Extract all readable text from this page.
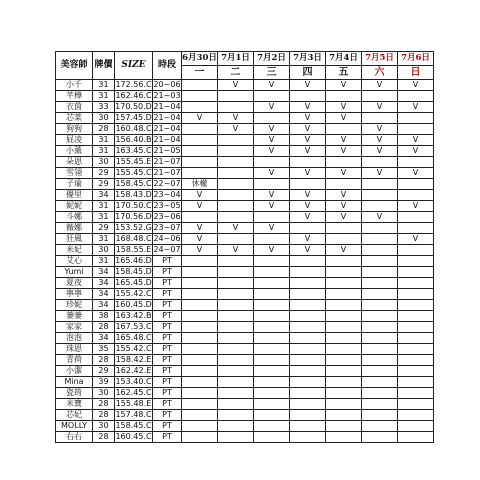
美容師	牌價	SIZE	時段	6月30日	7月1日	7月2日	7月3日	7月4日	7月5日	7月6日
				一	二	三	四	五	六	日
小千	31	172.56.C	20~06		V	V	V	V	V	V
芊樺	31	162.46.C	21~03							
衣茵	33	170.50.D	21~04			V	V	V	V	V
芯菜	30	157.45.D	21~04	V	V		V	V		
狗狗	28	160.48.C	21~04		V	V	V		V	
屁凌	31	156.40.B	21~04			V	V	V	V	V
小薰	31	163.45.C	21~05			V	V	V	V	V
朵恩	30	155.45.E	21~07							
雪翎	29	155.45.C	21~07			V	V	V	V	V
子瑜	29	158.45.C	22~07	休權						
優里	34	158.43.D	23~04	V		V	V	V		
妮妮	31	170.50.C	23~05	V		V	V	V		V
斗娜	31	170.56.D	23~06				V	V	V	
薇娜	29	153.52.G	23~07	V	V	V				
狂風	31	168.48.C	24~06	V			V			V
米妃	30	158.55.E	24~07	V	V	V	V	V		
艾心	31	165.46.D	PT							
Yumi	34	158.45.D	PT							
夏夜	34	165.45.D	PT							
寧寧	34	155.42.C	PT							
珍妮	34	160.45.D	PT							
萋萋	38	163.42.B	PT							
家家	28	167.53.C	PT							
泡泡	34	165.48.C	PT							
珠恩	35	155.42.C	PT							
青荷	28	158.42.E	PT							
小潔	29	162.42.E	PT							
Mina	39	153.40.C	PT							
瓷筠	30	162.45.C	PT							
米寶	28	155.48.E	PT							
芯妃	28	157.48.C	PT							
MOLLY	30	158.45.C	PT							
右右	28	160.45.C	PT							
